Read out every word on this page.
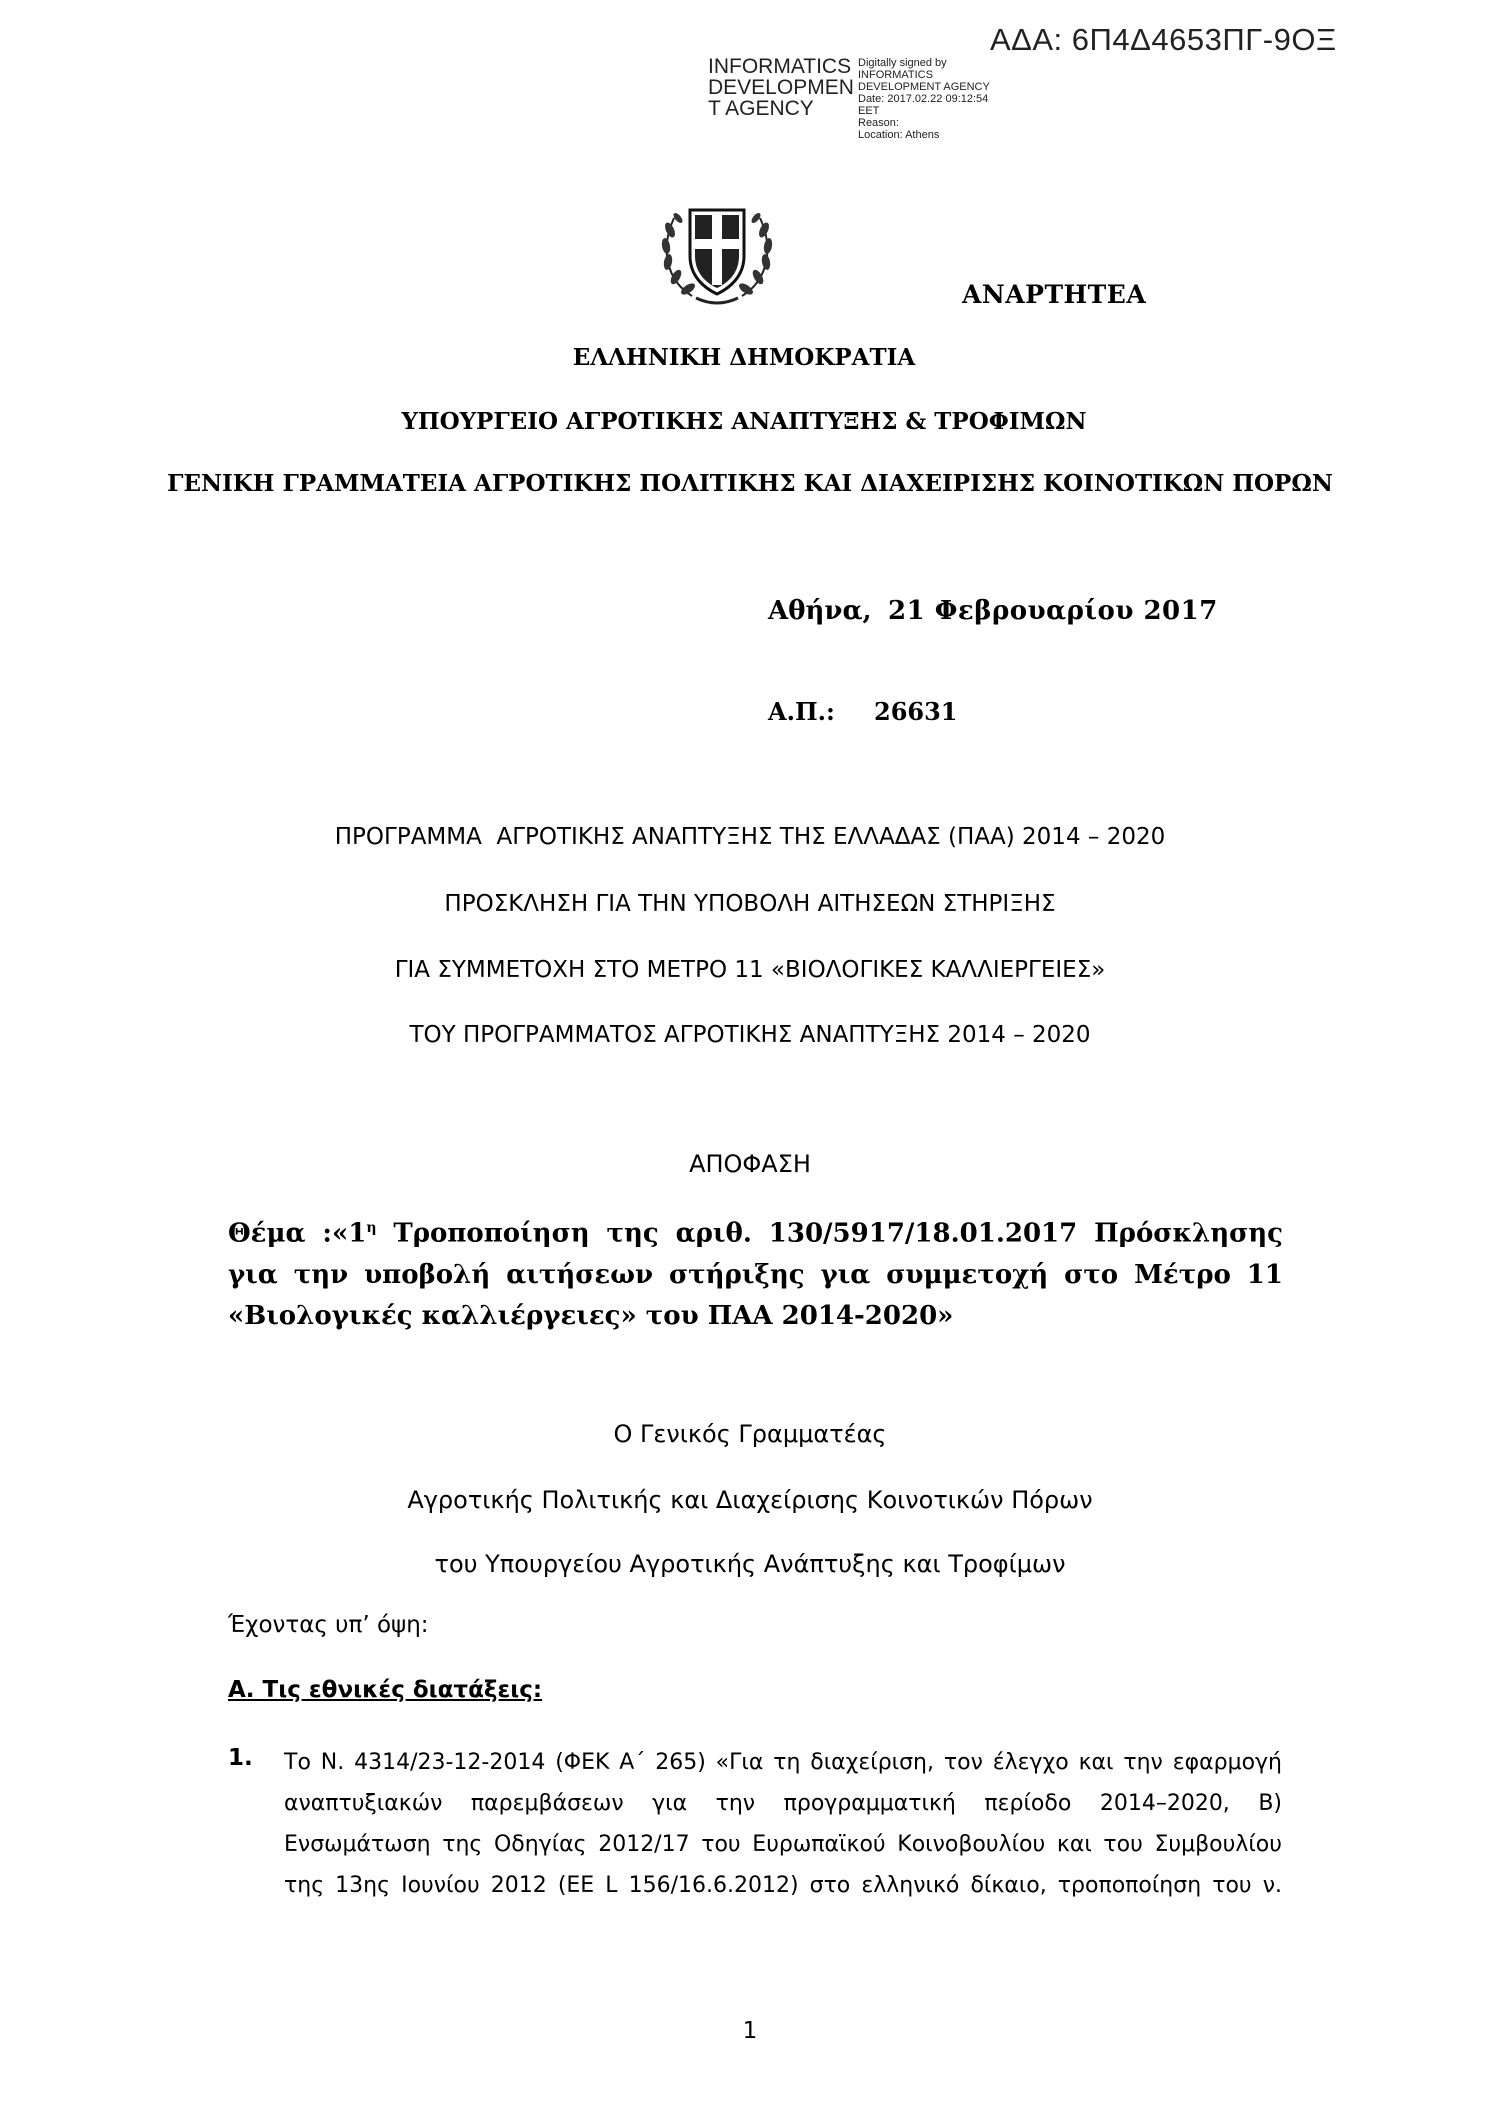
ΑΔΑ: 6Π4Δ4653ΠΓ-9ΟΞ
INFORMATICS
DEVELOPMEN
T AGENCY
Digitally signed by
INFORMATICS
DEVELOPMENT AGENCY
Date: 2017.02.22 09:12:54
EET
Reason:
Location: Athens
ΑΝΑΡΤΗΤΕΑ
ΕΛΛΗΝΙΚΗ ΔΗΜΟΚΡΑΤΙΑ
ΥΠΟΥΡΓΕΙΟ ΑΓΡΟΤΙΚΗΣ ΑΝΑΠΤΥΞΗΣ & ΤΡΟΦΙΜΩΝ
ΓΕΝΙΚΗ ΓΡΑΜΜΑΤΕΙΑ ΑΓΡΟΤΙΚΗΣ ΠΟΛΙΤΙΚΗΣ ΚΑΙ ΔΙΑΧΕΙΡΙΣΗΣ ΚΟΙΝΟΤΙΚΩΝ ΠΟΡΩΝ
Αθήνα, 21 Φεβρουαρίου 2017
Α.Π.: 26631
ΠΡΟΓΡΑΜΜΑ  ΑΓΡΟΤΙΚΗΣ ΑΝΑΠΤΥΞΗΣ ΤΗΣ ΕΛΛΑΔΑΣ (ΠΑΑ) 2014 – 2020
ΠΡΟΣΚΛΗΣΗ ΓΙΑ ΤΗΝ ΥΠΟΒΟΛΗ ΑΙΤΗΣΕΩΝ ΣΤΗΡΙΞΗΣ
ΓΙΑ ΣΥΜΜΕΤΟΧΗ ΣΤΟ ΜΕΤΡΟ 11 «ΒΙΟΛΟΓΙΚΕΣ ΚΑΛΛΙΕΡΓΕΙΕΣ»
ΤΟΥ ΠΡΟΓΡΑΜΜΑΤΟΣ ΑΓΡΟΤΙΚΗΣ ΑΝΑΠΤΥΞΗΣ 2014 – 2020
ΑΠΟΦΑΣΗ
Θέμα $:«1^\eta$ Τροποποίηση της αριθ. 130/5917/18.01.2017 Πρόσκλησης για την υποβολή αιτήσεων στήριξης για συμμετοχή στο Μέτρο 11 «Βιολογικές καλλιέργειες» του ΠΑΑ 2014-2020»
Ο Γενικός Γραμματέας
Αγροτικής Πολιτικής και Διαχείρισης Κοινοτικών Πόρων
του Υπουργείου Αγροτικής Ανάπτυξης και Τροφίμων
Έχοντας υπ’ όψη:
Α. Τις εθνικές διατάξεις:
1. Το Ν. 4314/23-12-2014 (ΦΕΚ Α΄ 265) «Για τη διαχείριση, τον έλεγχο και την εφαρμογή
αναπτυξιακών παρεμβάσεων για την προγραμματική περίοδο 2014–2020, Β)
Ενσωμάτωση της Οδηγίας 2012/17 του Ευρωπαϊκού Κοινοβουλίου και του Συμβουλίου
της 13ης Ιουνίου 2012 (ΕΕ L 156/16.6.2012) στο ελληνικό δίκαιο, τροποποίηση του ν.
1
